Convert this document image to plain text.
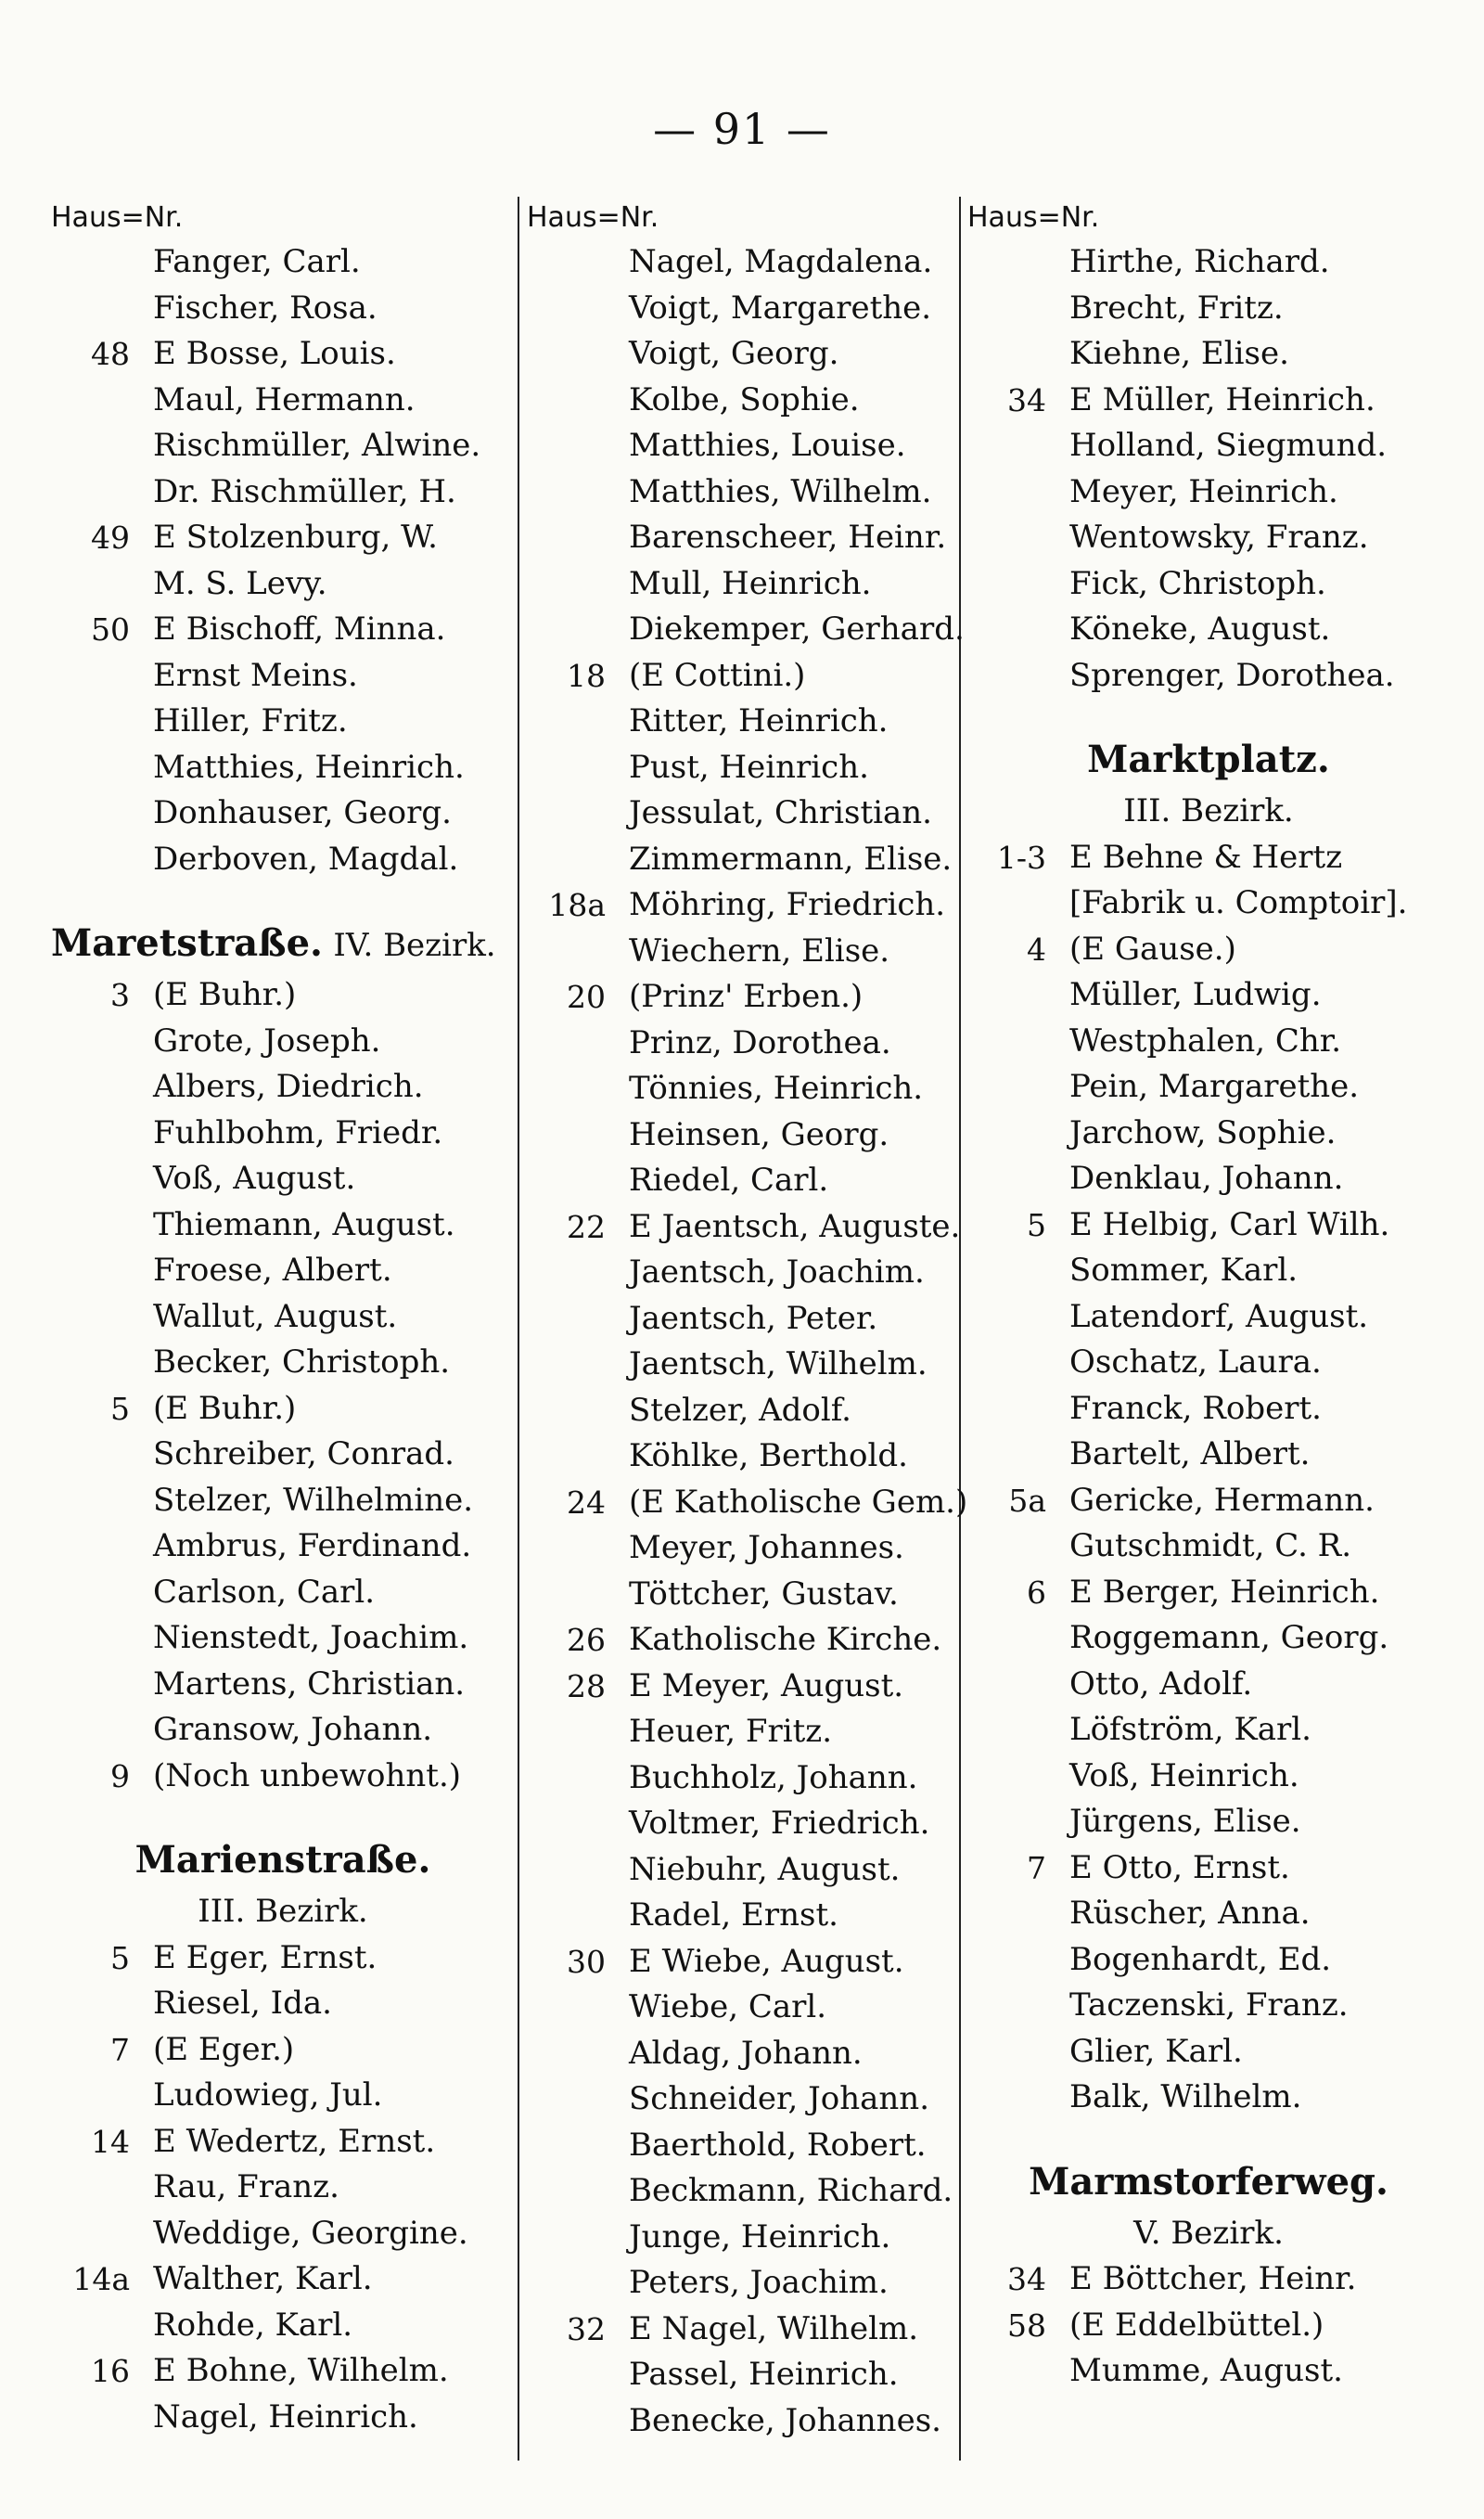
— 91 —
Haus=Nr.
Fanger, Carl.
Fischer, Rosa.
48 E Bosse, Louis.
Maul, Hermann.
Rischmüller, Alwine.
Dr. Rischmüller, H.
49 E Stolzenburg, W.
M. S. Levy.
50 E Bischoff, Minna.
Ernst Meins.
Hiller, Fritz.
Matthies, Heinrich.
Donhauser, Georg.
Derboven, Magdal.
Maretstraße. IV. Bezirk.
3 (E Buhr.)
Grote, Joseph.
Albers, Diedrich.
Fuhlbohm, Friedr.
Voß, August.
Thiemann, August.
Froese, Albert.
Wallut, August.
Becker, Christoph.
5 (E Buhr.)
Schreiber, Conrad.
Stelzer, Wilhelmine.
Ambrus, Ferdinand.
Carlson, Carl.
Nienstedt, Joachim.
Martens, Christian.
Gransow, Johann.
9 (Noch unbewohnt.)
Marienstraße.
III. Bezirk.
5 E Eger, Ernst.
Riesel, Ida.
7 (E Eger.)
Ludowieg, Jul.
14 E Wedertz, Ernst.
Rau, Franz.
Weddige, Georgine.
14a Walther, Karl.
Rohde, Karl.
16 E Bohne, Wilhelm.
Nagel, Heinrich.
Haus=Nr.
Nagel, Magdalena.
Voigt, Margarethe.
Voigt, Georg.
Kolbe, Sophie.
Matthies, Louise.
Matthies, Wilhelm.
Barenscheer, Heinr.
Mull, Heinrich.
Diekemper, Gerhard.
18 (E Cottini.)
Ritter, Heinrich.
Pust, Heinrich.
Jessulat, Christian.
Zimmermann, Elise.
18a Möhring, Friedrich.
Wiechern, Elise.
20 (Prinz' Erben.)
Prinz, Dorothea.
Tönnies, Heinrich.
Heinsen, Georg.
Riedel, Carl.
22 E Jaentsch, Auguste.
Jaentsch, Joachim.
Jaentsch, Peter.
Jaentsch, Wilhelm.
Stelzer, Adolf.
Köhlke, Berthold.
24 (E Katholische Gem.)
Meyer, Johannes.
Töttcher, Gustav.
26 Katholische Kirche.
28 E Meyer, August.
Heuer, Fritz.
Buchholz, Johann.
Voltmer, Friedrich.
Niebuhr, August.
Radel, Ernst.
30 E Wiebe, August.
Wiebe, Carl.
Aldag, Johann.
Schneider, Johann.
Baerthold, Robert.
Beckmann, Richard.
Junge, Heinrich.
Peters, Joachim.
32 E Nagel, Wilhelm.
Passel, Heinrich.
Benecke, Johannes.
Haus=Nr.
Hirthe, Richard.
Brecht, Fritz.
Kiehne, Elise.
34 E Müller, Heinrich.
Holland, Siegmund.
Meyer, Heinrich.
Wentowsky, Franz.
Fick, Christoph.
Köneke, August.
Sprenger, Dorothea.
Marktplatz.
III. Bezirk.
1-3 E Behne & Hertz
[Fabrik u. Comptoir].
4 (E Gause.)
Müller, Ludwig.
Westphalen, Chr.
Pein, Margarethe.
Jarchow, Sophie.
Denklau, Johann.
5 E Helbig, Carl Wilh.
Sommer, Karl.
Latendorf, August.
Oschatz, Laura.
Franck, Robert.
Bartelt, Albert.
5a Gericke, Hermann.
Gutschmidt, C. R.
6 E Berger, Heinrich.
Roggemann, Georg.
Otto, Adolf.
Löfström, Karl.
Voß, Heinrich.
Jürgens, Elise.
7 E Otto, Ernst.
Rüscher, Anna.
Bogenhardt, Ed.
Taczenski, Franz.
Glier, Karl.
Balk, Wilhelm.
Marmstorferweg.
V. Bezirk.
34 E Böttcher, Heinr.
58 (E Eddelbüttel.)
Mumme, August.
